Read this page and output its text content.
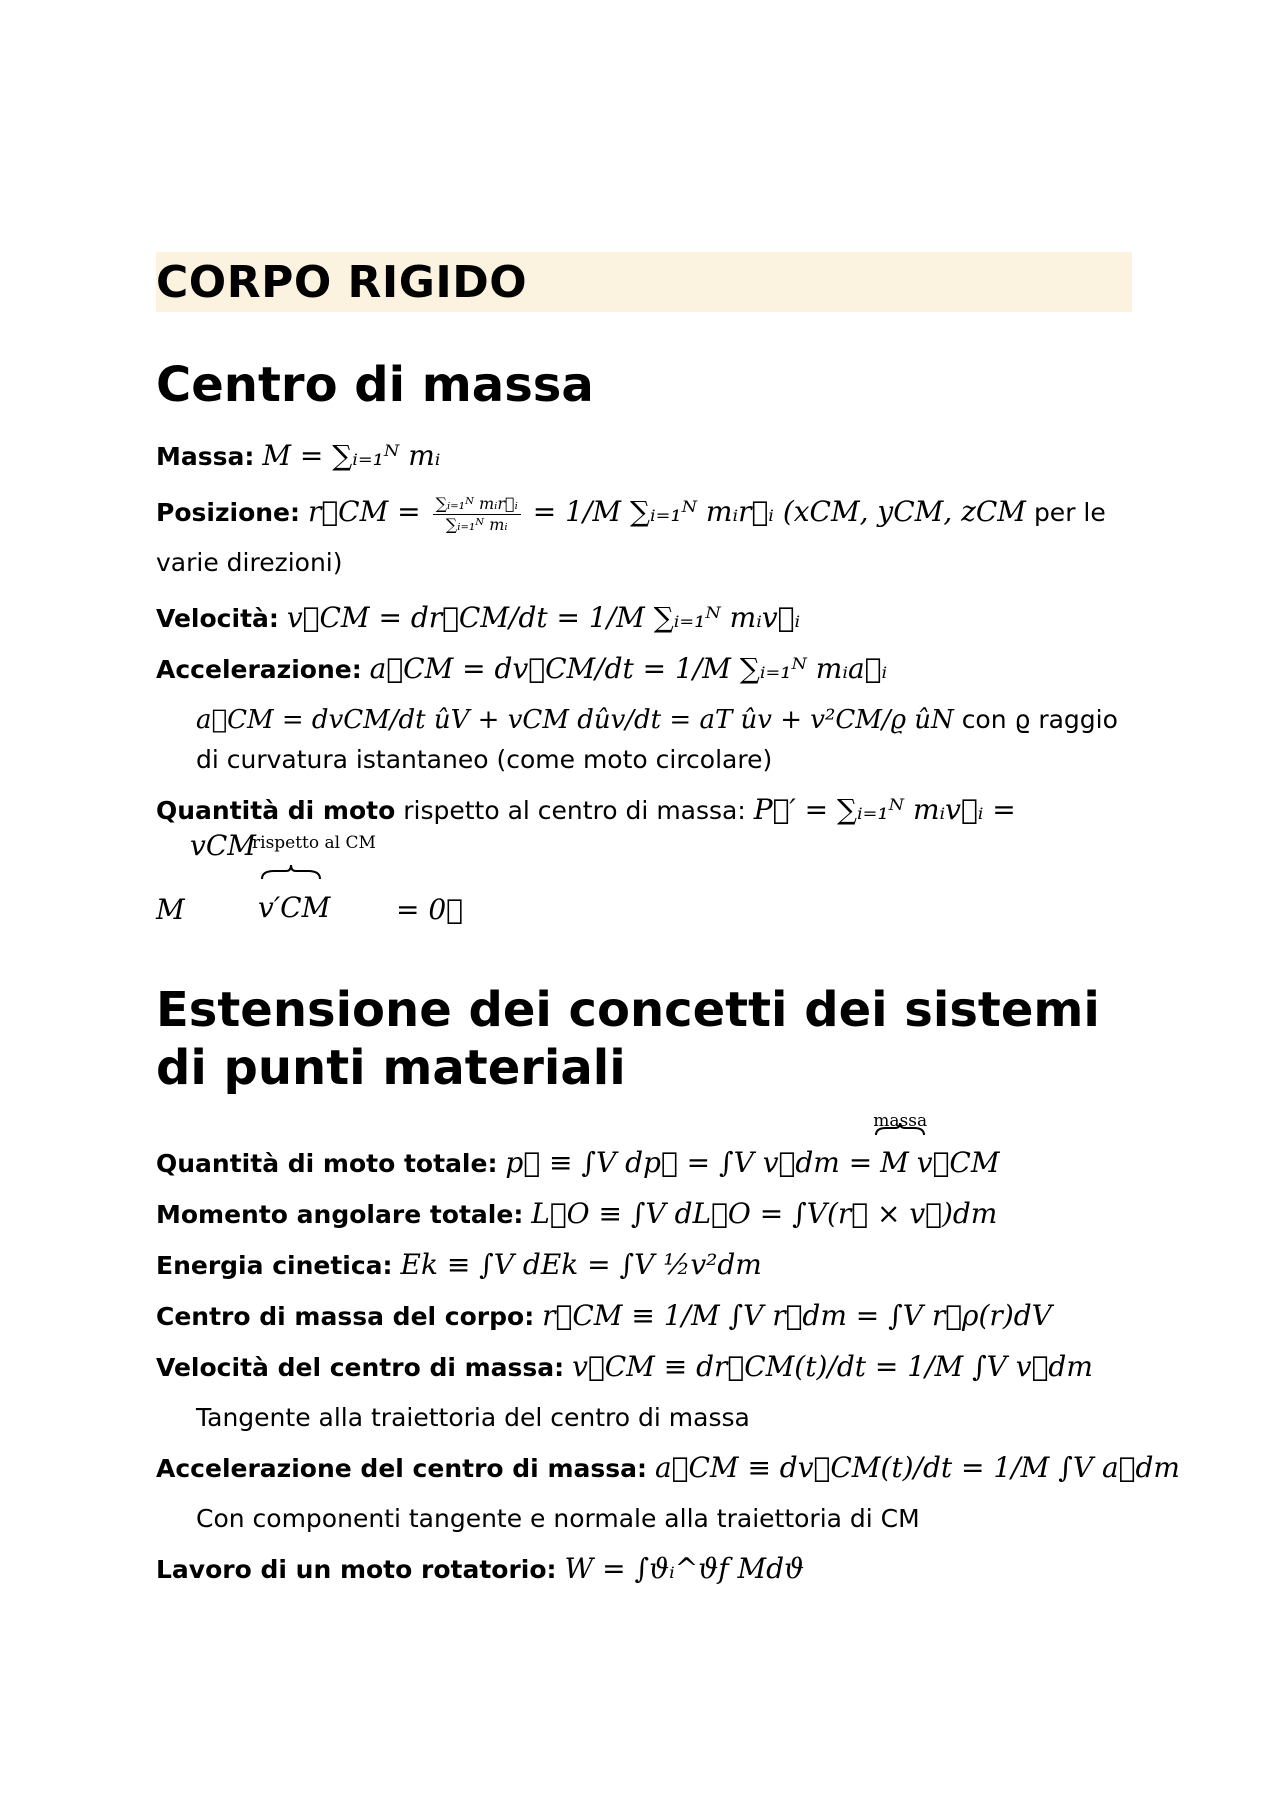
CORPO RIGIDO
Centro di massa
Massa: M = ∑ᵢ₌₁ᴺ mᵢ
Posizione: r⃗CM = $\frac{\text{∑ᵢ₌₁ᴺ mᵢr⃗ᵢ}}{\text{∑ᵢ₌₁ᴺ mᵢ}} = 1/M$ ∑ᵢ₌₁ᴺ mᵢr⃗ᵢ (xCM, yCM, zCM per le varie direzioni)
Velocità: v⃗CM = dr⃗CM/dt = 1/M ∑ᵢ₌₁ᴺ mᵢv⃗ᵢ
Accelerazione: a⃗CM = dv⃗CM/dt = 1/M ∑ᵢ₌₁ᴺ mᵢa⃗ᵢ
a⃗CM = dvCM/dt ûV + vCM dûv/dt = aT ûv + v²CM/ϱ ûN con ϱ raggio di curvatura istantaneo (come moto circolare)
Quantità di moto rispetto al centro di massa: P⃗′ = ∑ᵢ₌₁ᴺ mᵢv⃗ᵢ =
vCM
rispetto al CM
M	v′CM = 0⃗
Estensione dei concetti dei sistemi di punti materiali
Quantità di moto totale: p⃗ ≡ ∫V dp⃗ = ∫V v⃗dm =
massa
M v⃗CM
Momento angolare totale: L⃗O ≡ ∫V dL⃗O = ∫V(r⃗ × v⃗)dm
Energia cinetica: Ek ≡ ∫V dEk = ∫V ½v²dm
Centro di massa del corpo: r⃗CM ≡ 1/M ∫V r⃗dm = ∫V r⃗ρ(r)dV
Velocità del centro di massa: v⃗CM ≡ dr⃗CM(t)/dt = 1/M ∫V v⃗dm
Tangente alla traiettoria del centro di massa
Accelerazione del centro di massa: a⃗CM ≡ dv⃗CM(t)/dt = 1/M ∫V a⃗dm
Con componenti tangente e normale alla traiettoria di CM
Lavoro di un moto rotatorio: W = ∫ϑᵢ^ϑf Mdϑ
